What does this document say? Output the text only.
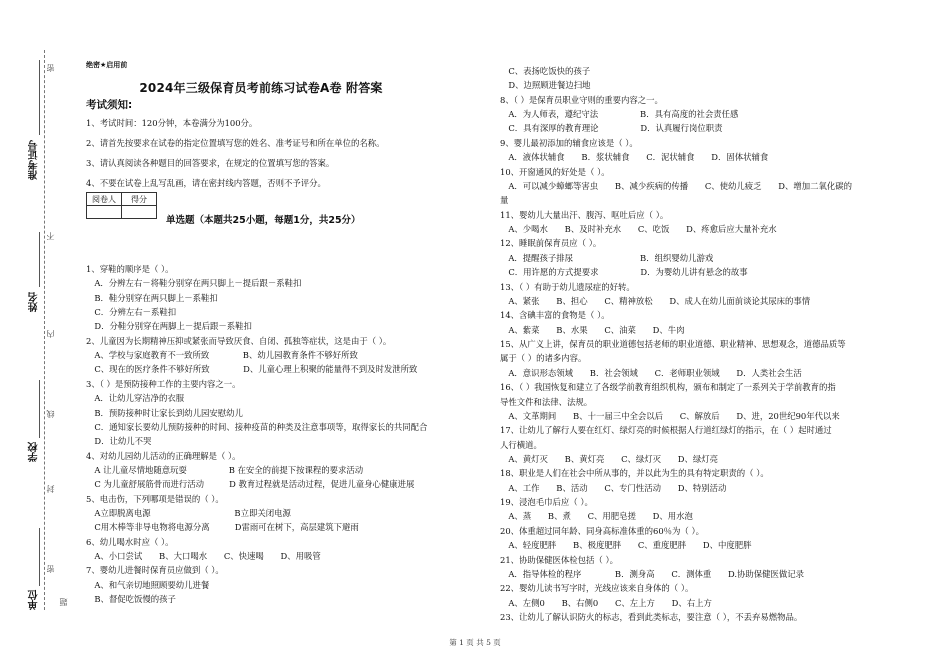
准考证号
姓名
学校
单位
密
不
内
线
封
密
题
绝密★启用前
2024年三级保育员考前练习试卷A卷 附答案
考试须知:
1、考试时间：120分钟，本卷满分为100分。
2、请首先按要求在试卷的指定位置填写您的姓名、准考证号和所在单位的名称。
3、请认真阅读各种题目的回答要求，在规定的位置填写您的答案。
4、不要在试卷上乱写乱画，请在密封线内答题，否则不予评分。
阅卷人	得分

单选题（本题共25小题，每题1分，共25分）
1、穿鞋的顺序是（ ）。
　A．分辨左右－将鞋分别穿在两只脚上－提后跟－系鞋扣
　B．鞋分别穿在两只脚上－系鞋扣
　C．分辨左右－系鞋扣
　D．分鞋分别穿在两脚上－提后跟－系鞋扣
2、儿童因为长期精神压抑或紧张而导致厌食、自闭、孤独等症状，这是由于（ ）。
　A、学校与家庭教育不一致所致　　　　B、幼儿园教育条件不够好所致
　C、现在的医疗条件不够好所致　　　　D、儿童心理上积聚的能量得不到及时发泄所致
3、（ ）是预防接种工作的主要内容之一。
　A．让幼儿穿洁净的衣服
　B．预防接种时让家长到幼儿园安慰幼儿
　C．通知家长要幼儿预防接种的时间、接种疫苗的种类及注意事项等，取得家长的共同配合
　D．让幼儿不哭
4、对幼儿园幼儿活动的正确理解是（ ）。
　A 让儿童尽情地随意玩耍　　　　　B 在安全的前提下按课程的要求活动
　C 为儿童舒展筋骨而进行活动　　　D 教育过程就是活动过程，促进儿童身心健康进展
5、电击伤，下列哪项是错误的（ ）。
　A立即脱离电源　　　　　　　　　　B立即关闭电源
　C用木棒等非导电物将电源分离　　　D雷雨可在树下，高层建筑下避雨
6、幼儿喝水时应（ ）。
　A、小口尝试　　B、大口喝水　　C、快速喝　　D、用吸管
7、婴幼儿进餐时保育员应做到（ ）。
　A、和气亲切地照顾要幼儿进餐
　B、督促吃饭慢的孩子
　C、表扬吃饭快的孩子
　D、边照顾进餐边扫地
8、（ ）是保育员职业守则的重要内容之一。
　A．为人师表，遵纪守法　　　　　B．具有高度的社会责任感
　C．具有深厚的教育理论　　　　　D．认真履行岗位职责
9、婴儿最初添加的辅食应该是（ ）。
　A．液体状辅食　　B．浆状辅食　　C．泥状辅食　　D．固体状辅食
10、开窗通风的好处是（ ）。
　A．可以减少蟑螂等害虫　　B、减少疾病的传播　　C、使幼儿疲乏　　D、增加二氧化碳的
量
11、婴幼儿大量出汗、腹泻、呕吐后应（ ）。
　A、少喝水　　B、及时补充水　　C、吃饭　　D、疼愈后应大量补充水
12、睡眠前保育员应（ ）。
　A．提醒孩子排尿　　　　　　　　B．组织婴幼儿游戏
　C．用许愿的方式提要求　　　　　D．为婴幼儿讲有悬念的故事
13、（ ）有助于幼儿遗尿症的好转。
　A、紧张　　B、担心　　C、精神放松　　D、成人在幼儿面前谈论其尿床的事情
14、含碘丰富的食物是（ ）。
　A、紫菜　　B、水果　　C、油菜　　D、牛肉
15、从广义上讲，保育员的职业道德包括老师的职业道德、职业精神、思想观念，道德品质等
属于（ ）的诸多内容。
　A．意识形态领域　　B．社会领域　　C．老师职业领域　　D．人类社会生活
16、（ ）我国恢复和建立了各级学前教育组织机构，颁布和制定了一系列关于学前教育的指
导性文件和法律、法规。
　A、文革期间　　B、十一届三中全会以后　　C、解放后　　D、进，20世纪90年代以来
17、让幼儿了解行人要在红灯、绿灯亮的时候根据人行道红绿灯的指示，在（ ）起时通过
人行横道。
　A、黄灯灭　　B、黄灯亮　　C、绿灯灭　　D、绿灯亮
18、职业是人们在社会中所从事的，并以此为生的具有特定职责的（ ）。
　A、工作　　B、活动　　C、专门性活动　　D、特别活动
19、浸泡毛巾后应（ ）。
　A、蒸　　B、煮　　C、用肥皂搓　　D、用水泡
20、体重超过同年龄、同身高标准体重的60％为（ ）。
　A、轻度肥胖　　B、极度肥胖　　C、重度肥胖　　D、中度肥胖
21、协助保健医体检包括（ ）。
　A．指导体检的程序　　　　B．测身高　　C．测体重　　D.协助保健医做记录
22、婴幼儿读书写字时，光线应该来自身体的（ ）。
　A、左侧0　　B、右侧0　　C、左上方　　D、右上方
23、让幼儿了解认识防火的标志，看到此类标志，要注意（ ），不丢弃易燃物品。
第 1 页 共 5 页
